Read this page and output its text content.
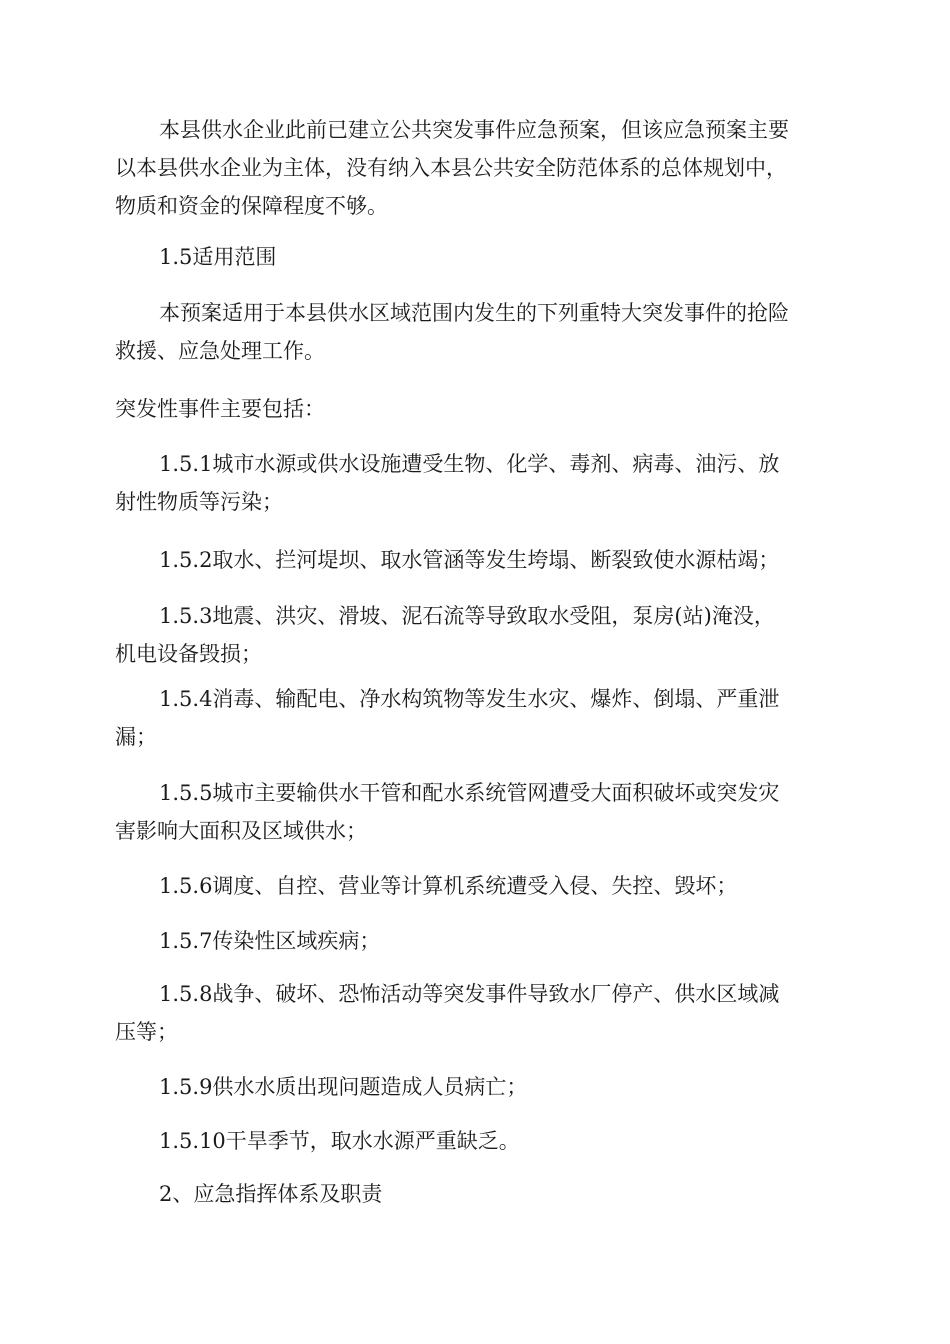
本县供水企业此前已建立公共突发事件应急预案，但该应急预案主要
以本县供水企业为主体，没有纳入本县公共安全防范体系的总体规划中，
物质和资金的保障程度不够。

1.5适用范围

本预案适用于本县供水区域范围内发生的下列重特大突发事件的抢险
救援、应急处理工作。

突发性事件主要包括：

1.5.1城市水源或供水设施遭受生物、化学、毒剂、病毒、油污、放
射性物质等污染；

1.5.2取水、拦河堤坝、取水管涵等发生垮塌、断裂致使水源枯竭；

1.5.3地震、洪灾、滑坡、泥石流等导致取水受阻，泵房(站)淹没，
机电设备毁损；

1.5.4消毒、输配电、净水构筑物等发生水灾、爆炸、倒塌、严重泄
漏；

1.5.5城市主要输供水干管和配水系统管网遭受大面积破坏或突发灾
害影响大面积及区域供水；

1.5.6调度、自控、营业等计算机系统遭受入侵、失控、毁坏；

1.5.7传染性区域疾病；

1.5.8战争、破坏、恐怖活动等突发事件导致水厂停产、供水区域减
压等；

1.5.9供水水质出现问题造成人员病亡；

1.5.10干旱季节，取水水源严重缺乏。

2、应急指挥体系及职责
